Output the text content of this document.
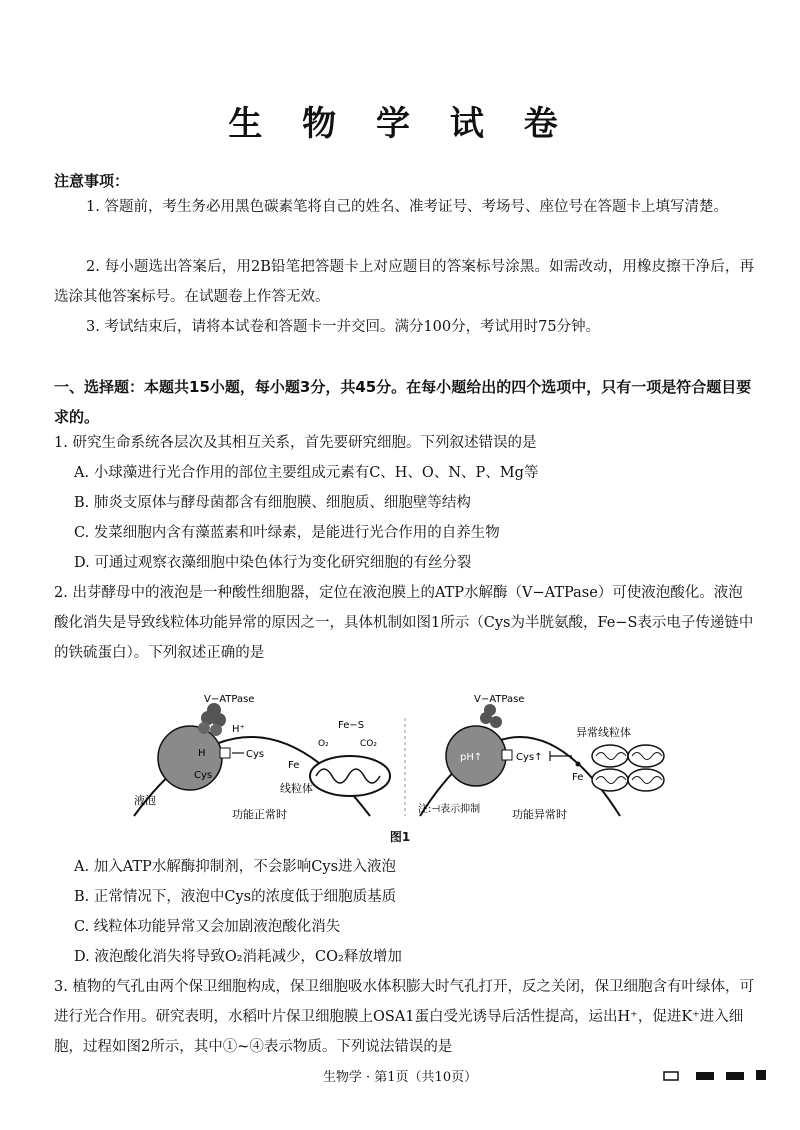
生 物 学 试 卷
注意事项：

1. 答题前，考生务必用黑色碳素笔将自己的姓名、准考证号、考场号、座位号在答题卡上填写清楚。

2. 每小题选出答案后，用2B铅笔把答题卡上对应题目的答案标号涂黑。如需改动，用橡皮擦干净后，再选涂其他答案标号。在试题卷上作答无效。

3. 考试结束后，请将本试卷和答题卡一并交回。满分100分，考试用时75分钟。

一、选择题：本题共15小题，每小题3分，共45分。在每小题给出的四个选项中，只有一项是符合题目要求的。

1. 研究生命系统各层次及其相互关系，首先要研究细胞。下列叙述错误的是

A. 小球藻进行光合作用的部位主要组成元素有C、H、O、N、P、Mg等

B. 肺炎支原体与酵母菌都含有细胞膜、细胞质、细胞壁等结构

C. 发菜细胞内含有藻蓝素和叶绿素，是能进行光合作用的自养生物

D. 可通过观察衣藻细胞中染色体行为变化研究细胞的有丝分裂

2. 出芽酵母中的液泡是一种酸性细胞器，定位在液泡膜上的ATP水解酶（V−ATPase）可使液泡酸化。液泡酸化消失是导致线粒体功能异常的原因之一，具体机制如图1所示（Cys为半胱氨酸，Fe−S表示电子传递链中的铁硫蛋白）。下列叙述正确的是

V−ATPase
H⁺
H
Cys
Cys
Fe
Fe−S
O₂	CO₂
线粒体
液泡
功能正常时
V−ATPase
pH↑	Cys↑
Fe
异常线粒体
注:⊣表示抑制	功能异常时
图1

A. 加入ATP水解酶抑制剂，不会影响Cys进入液泡

B. 正常情况下，液泡中Cys的浓度低于细胞质基质

C. 线粒体功能异常又会加剧液泡酸化消失

D. 液泡酸化消失将导致O₂消耗减少，CO₂释放增加

3. 植物的气孔由两个保卫细胞构成，保卫细胞吸水体积膨大时气孔打开，反之关闭，保卫细胞含有叶绿体，可进行光合作用。研究表明，水稻叶片保卫细胞膜上OSA1蛋白受光诱导后活性提高，运出H⁺，促进K⁺进入细胞，过程如图2所示，其中①~④表示物质。下列说法错误的是

生物学 · 第1页（共10页）
